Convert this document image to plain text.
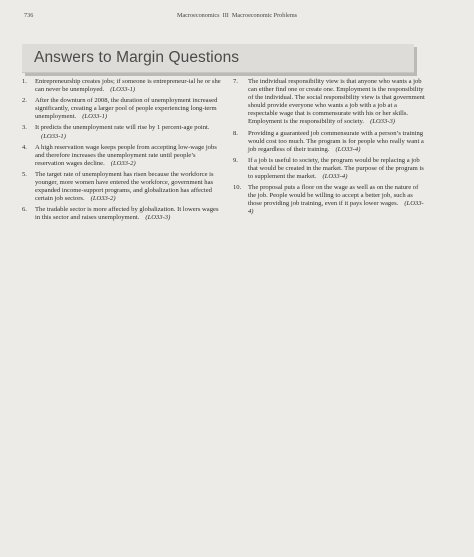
736	Macroeconomics  III  Macroeconomic Problems
Answers to Margin Questions
1.	Entrepreneurship creates jobs; if someone is entrepreneur-ial he or she can never be unemployed. (LO33-1)
2.	After the downturn of 2008, the duration of unemployment increased significantly, creating a larger pool of people experiencing long-term unemployment. (LO33-1)
3.	It predicts the unemployment rate will rise by 1 percent-age point.(LO33-1)
4.	A high reservation wage keeps people from accepting low-wage jobs and therefore increases the unemployment rate until people’s reservation wages decline. (LO33-2)
5.	The target rate of unemployment has risen because the workforce is younger, more women have entered the workforce, government has expanded income-support programs, and globalization has affected certain job sectors. (LO33-2)
6.	The tradable sector is more affected by globalization. It lowers wages in this sector and raises unemployment. (LO33-3)
7.	The individual responsibility view is that anyone who wants a job can either find one or create one. Employment is the responsibility of the individual. The social responsibility view is that government should provide everyone who wants a job with a job at a respectable wage that is commensurate with his or her skills. Employment is the responsibility of society. (LO33-3)
8.	Providing a guaranteed job commensurate with a person’s training would cost too much. The program is for people who really want a job regardless of their training. (LO33-4)
9.	If a job is useful to society, the program would be replacing a job that would be created in the market. The purpose of the program is to supplement the market. (LO33-4)
10.	The proposal puts a floor on the wage as well as on the nature of the job. People would be willing to accept a better job, such as those providing job training, even if it pays lower wages. (LO33-4)
